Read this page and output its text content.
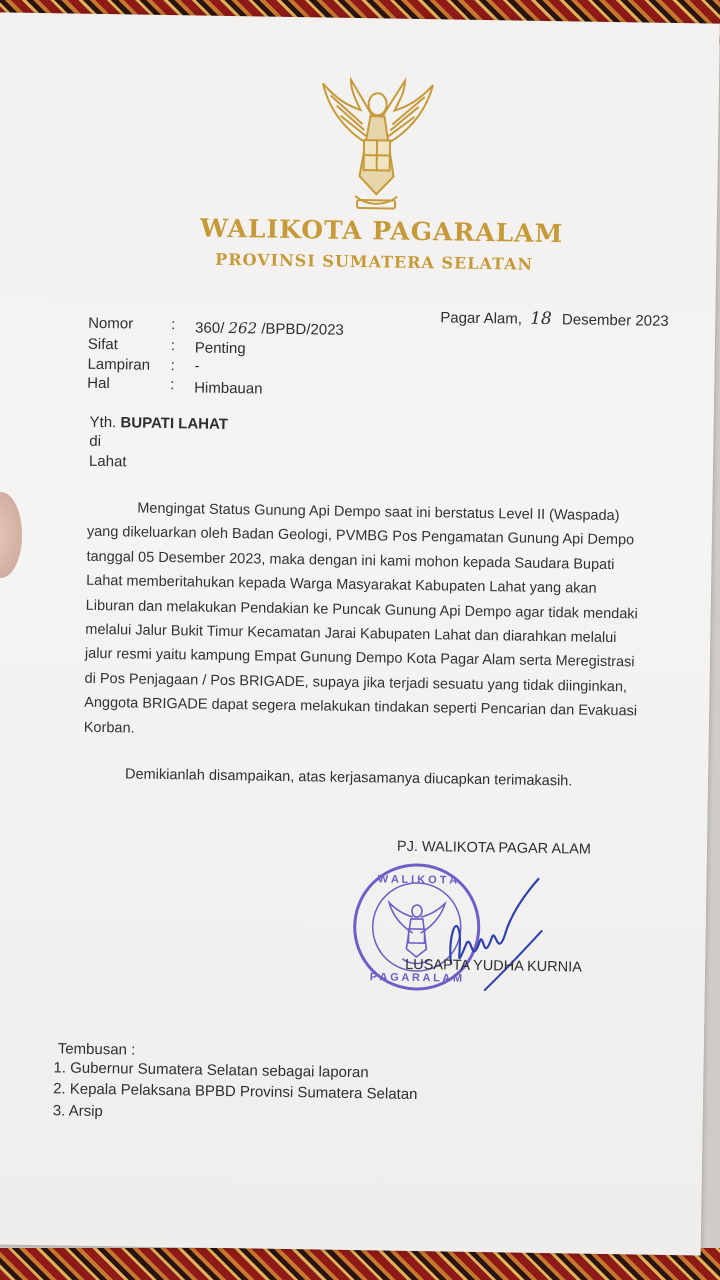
WALIKOTA PAGARALAM
PROVINSI SUMATERA SELATAN
Pagar Alam, 18 Desember 2023
Nomor	: 360/ 262 /BPBD/2023
Sifat	: Penting
Lampiran : -
Hal	: Himbauan
Yth. BUPATI LAHAT
di
Lahat
Mengingat Status Gunung Api Dempo saat ini berstatus Level II (Waspada)
yang dikeluarkan oleh Badan Geologi, PVMBG Pos Pengamatan Gunung Api Dempo
tanggal 05 Desember 2023, maka dengan ini kami mohon kepada Saudara Bupati
Lahat memberitahukan kepada Warga Masyarakat Kabupaten Lahat yang akan
Liburan dan melakukan Pendakian ke Puncak Gunung Api Dempo agar tidak mendaki
melalui Jalur Bukit Timur Kecamatan Jarai Kabupaten Lahat dan diarahkan melalui
jalur resmi yaitu kampung Empat Gunung Dempo Kota Pagar Alam serta Meregistrasi
di Pos Penjagaan / Pos BRIGADE, supaya jika terjadi sesuatu yang tidak diinginkan,
Anggota BRIGADE dapat segera melakukan tindakan seperti Pencarian dan Evakuasi
Korban.
Demikianlah disampaikan, atas kerjasamanya diucapkan terimakasih.
PJ. WALIKOTA PAGAR ALAM
W A L I K O T A
P A G A R A L A M
LUSAPTA YUDHA KURNIA
Tembusan :
1. Gubernur Sumatera Selatan sebagai laporan
2. Kepala Pelaksana BPBD Provinsi Sumatera Selatan
3. Arsip
